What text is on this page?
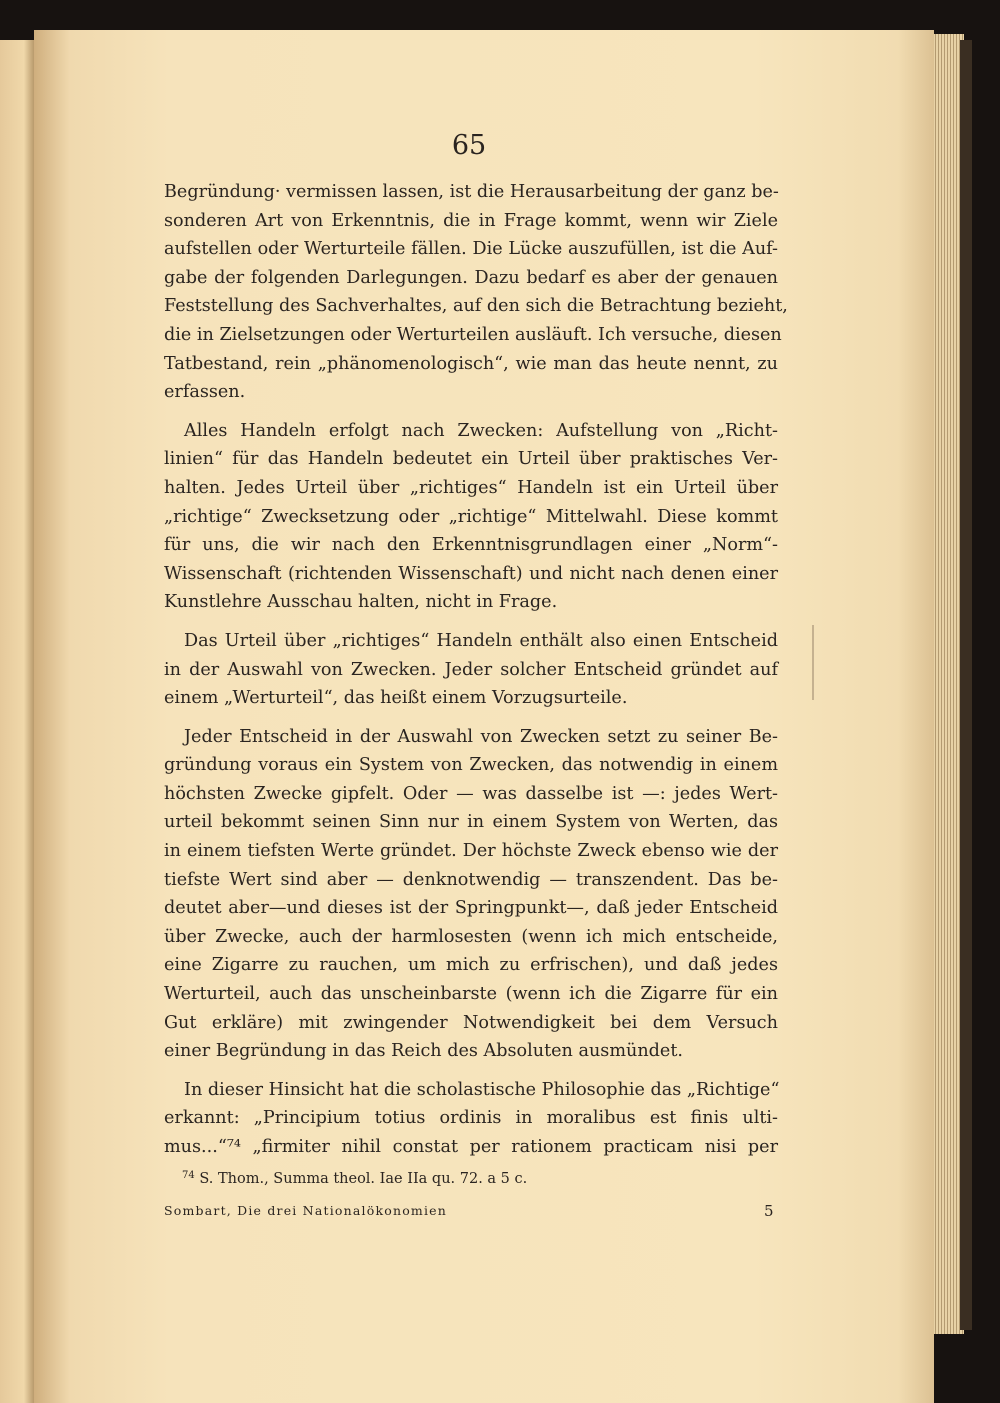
65

Begründung· vermissen lassen, ist die Herausarbeitung der ganz be-
sonderen Art von Erkenntnis, die in Frage kommt, wenn wir Ziele
aufstellen oder Werturteile fällen. Die Lücke auszufüllen, ist die Auf-
gabe der folgenden Darlegungen. Dazu bedarf es aber der genauen
Feststellung des Sachverhaltes, auf den sich die Betrachtung bezieht,
die in Zielsetzungen oder Werturteilen ausläuft. Ich versuche, diesen
Tatbestand, rein „phänomenologisch“, wie man das heute nennt, zu
erfassen.

Alles Handeln erfolgt nach Zwecken: Aufstellung von „Richt-
linien“ für das Handeln bedeutet ein Urteil über praktisches Ver-
halten. Jedes Urteil über „richtiges“ Handeln ist ein Urteil über
„richtige“ Zwecksetzung oder „richtige“ Mittelwahl. Diese kommt
für uns, die wir nach den Erkenntnisgrundlagen einer „Norm“-
Wissenschaft (richtenden Wissenschaft) und nicht nach denen einer
Kunstlehre Ausschau halten, nicht in Frage.

Das Urteil über „richtiges“ Handeln enthält also einen Entscheid
in der Auswahl von Zwecken. Jeder solcher Entscheid gründet auf
einem „Werturteil“, das heißt einem Vorzugsurteile.

Jeder Entscheid in der Auswahl von Zwecken setzt zu seiner Be-
gründung voraus ein System von Zwecken, das notwendig in einem
höchsten Zwecke gipfelt. Oder — was dasselbe ist —: jedes Wert-
urteil bekommt seinen Sinn nur in einem System von Werten, das
in einem tiefsten Werte gründet. Der höchste Zweck ebenso wie der
tiefste Wert sind aber — denknotwendig — transzendent. Das be-
deutet aber—und dieses ist der Springpunkt—, daß jeder Entscheid
über Zwecke, auch der harmlosesten (wenn ich mich entscheide,
eine Zigarre zu rauchen, um mich zu erfrischen), und daß jedes
Werturteil, auch das unscheinbarste (wenn ich die Zigarre für ein
Gut erkläre) mit zwingender Notwendigkeit bei dem Versuch
einer Begründung in das Reich des Absoluten ausmündet.

In dieser Hinsicht hat die scholastische Philosophie das „Richtige“
erkannt: „Principium totius ordinis in moralibus est finis ulti-
mus...“⁷⁴ „firmiter nihil constat per rationem practicam nisi per

$^{74}$ S. Thom., Summa theol. Iae IIa qu. 72. a 5 c.
Sombart, Die drei Nationalökonomien	5
